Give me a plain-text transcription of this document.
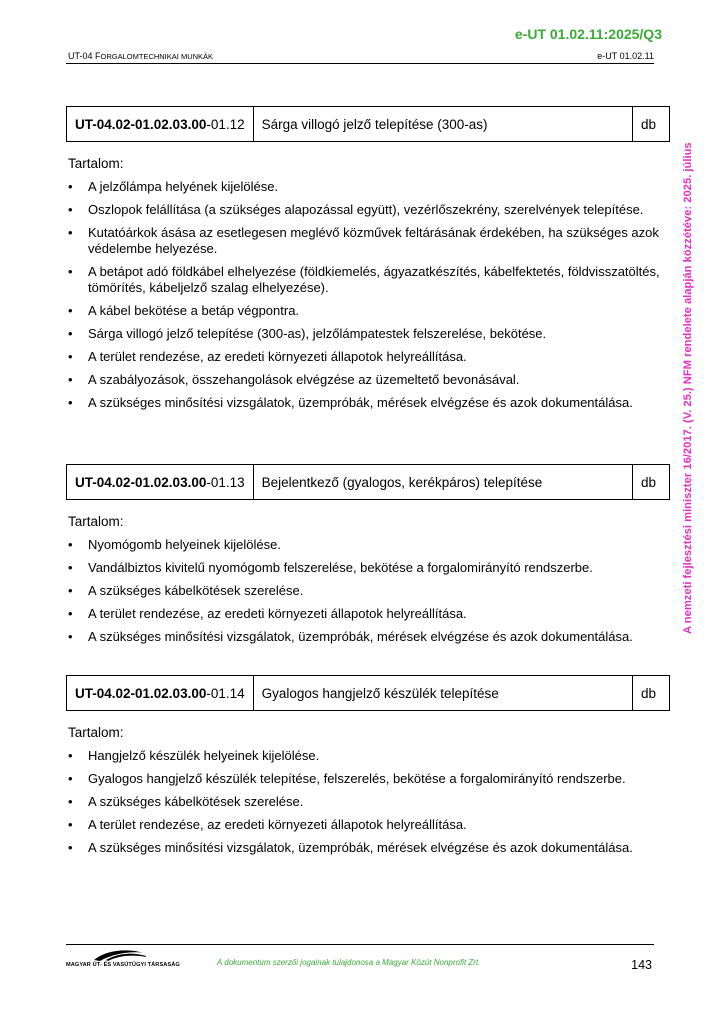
e-UT 01.02.11:2025/Q3
UT-04 FORGALOMTECHNIKAI MUNKÁK	e-UT 01.02.11
A nemzeti fejlesztési miniszter 16/2017. (V. 25.) NFM rendelete alapján közzétéve: 2025. július
UT-04.02-01.02.03.00-01.12	Sárga villogó jelző telepítése (300-as)	db
Tartalom:
• A jelzőlámpa helyének kijelölése.
• Oszlopok felállítása (a szükséges alapozással együtt), vezérlőszekrény, szerelvények telepítése.
• Kutatóárkok ásása az esetlegesen meglévő közművek feltárásának érdekében, ha szükséges azok védelembe helyezése.
• A betápot adó földkábel elhelyezése (földkiemelés, ágyazatkészítés, kábelfektetés, földvisszatöltés, tömörítés, kábeljelző szalag elhelyezése).
• A kábel bekötése a betáp végpontra.
• Sárga villogó jelző telepítése (300-as), jelzőlámpatestek felszerelése, bekötése.
• A terület rendezése, az eredeti környezeti állapotok helyreállítása.
• A szabályozások, összehangolások elvégzése az üzemeltető bevonásával.
• A szükséges minősítési vizsgálatok, üzempróbák, mérések elvégzése és azok dokumentálása.
UT-04.02-01.02.03.00-01.13	Bejelentkező (gyalogos, kerékpáros) telepítése	db
Tartalom:
• Nyomógomb helyeinek kijelölése.
• Vandálbiztos kivitelű nyomógomb felszerelése, bekötése a forgalomirányító rendszerbe.
• A szükséges kábelkötések szerelése.
• A terület rendezése, az eredeti környezeti állapotok helyreállítása.
• A szükséges minősítési vizsgálatok, üzempróbák, mérések elvégzése és azok dokumentálása.
UT-04.02-01.02.03.00-01.14	Gyalogos hangjelző készülék telepítése	db
Tartalom:
• Hangjelző készülék helyeinek kijelölése.
• Gyalogos hangjelző készülék telepítése, felszerelés, bekötése a forgalomirányító rendszerbe.
• A szükséges kábelkötések szerelése.
• A terület rendezése, az eredeti környezeti állapotok helyreállítása.
• A szükséges minősítési vizsgálatok, üzempróbák, mérések elvégzése és azok dokumentálása.
MAGYAR ÚT- ÉS VASÚTÜGYI TÁRSASÁG	A dokumentum szerzői jogainak tulajdonosa a Magyar Közút Nonprofit Zrt.	143
